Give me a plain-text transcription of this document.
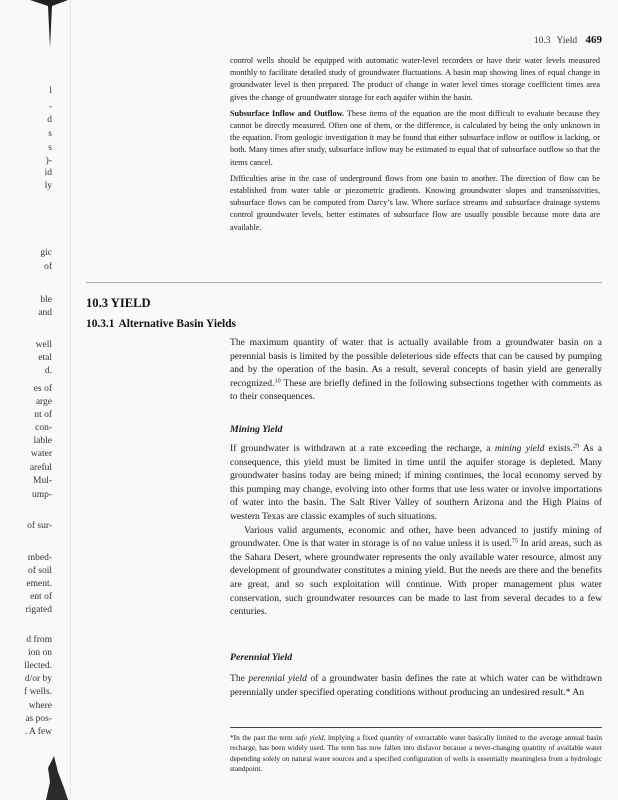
l
-
d
s
s
)-
id
ly
gic
of
ble
and
well
etal
d.
es of
arge
nt of
con-
lable
water
areful
Mul-
ump-
of sur-
mbed-
of soil
ement.
ent of
rigated
d from
ion on
llected.
d/or by
f wells.
where
as pos-
. A few
10.3 Yield 469

control wells should be equipped with automatic water-level recorders or have their water levels measured monthly to facilitate detailed study of groundwater fluctuations. A basin map showing lines of equal change in groundwater level is then prepared. The product of change in water level times storage coefficient times area gives the change of groundwater storage for each aquifer within the basin.

Subsurface Inflow and Outflow. These items of the equation are the most difficult to evaluate because they cannot be directly measured. Often one of them, or the difference, is calculated by being the only unknown in the equation. From geologic investigation it may be found that either subsurface inflow or outflow is lacking, or both. Many times after study, subsurface inflow may be estimated to equal that of subsurface outflow so that the items cancel.

Difficulties arise in the case of underground flows from one basin to another. The direction of flow can be established from water table or piezometric gradients. Knowing groundwater slopes and transmissivities, subsurface flows can be computed from Darcy’s law. Where surface streams and subsurface drainage systems control groundwater levels, better estimates of subsurface flow are usually possible because more data are available.

10.3 YIELD
10.3.1 Alternative Basin Yields

The maximum quantity of water that is actually available from a groundwater basin on a perennial basis is limited by the possible deleterious side effects that can be caused by pumping and by the operation of the basin. As a result, several concepts of basin yield are generally recognized.$^{10}$ These are briefly defined in the following subsections together with comments as to their consequences.

Mining Yield

If groundwater is withdrawn at a rate exceeding the recharge, a mining yield exists.$^{29}$ As a consequence, this yield must be limited in time until the aquifer storage is depleted. Many groundwater basins today are being mined; if mining continues, the local economy served by this pumping may change, evolving into other forms that use less water or involve importations of water into the basin. The Salt River Valley of southern Arizona and the High Plains of western Texas are classic examples of such situations.

Various valid arguments, economic and other, have been advanced to justify mining of groundwater. One is that water in storage is of no value unless it is used.$^{75}$ In arid areas, such as the Sahara Desert, where groundwater represents the only available water resource, almost any development of groundwater constitutes a mining yield. But the needs are there and the benefits are great, and so such exploitation will continue. With proper management plus water conservation, such groundwater resources can be made to last from several decades to a few centuries.

Perennial Yield

The perennial yield of a groundwater basin defines the rate at which water can be withdrawn perennially under specified operating conditions without producing an undesired result.* An

*In the past the term safe yield, implying a fixed quantity of extractable water basically limited to the average annual basin recharge, has been widely used. The term has now fallen into disfavor because a never-changing quantity of available water depending solely on natural water sources and a specified configuration of wells is essentially meaningless from a hydrologic standpoint.
